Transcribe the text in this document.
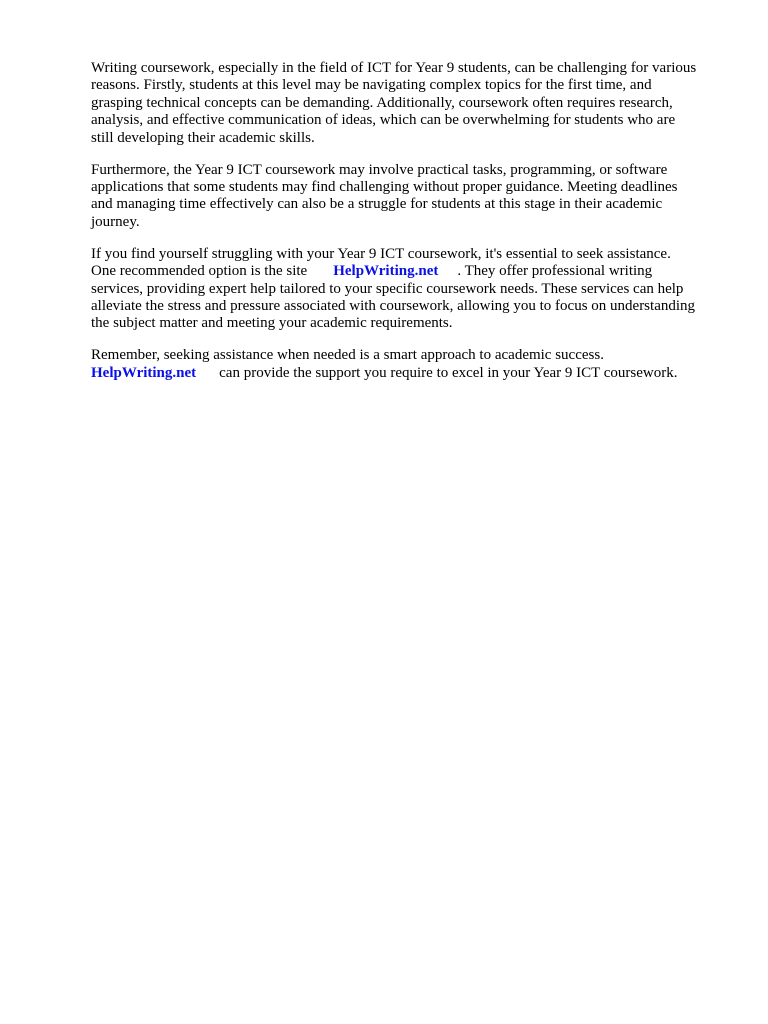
Writing coursework, especially in the field of ICT for Year 9 students, can be challenging for various
reasons. Firstly, students at this level may be navigating complex topics for the first time, and
grasping technical concepts can be demanding. Additionally, coursework often requires research,
analysis, and effective communication of ideas, which can be overwhelming for students who are
still developing their academic skills.
Furthermore, the Year 9 ICT coursework may involve practical tasks, programming, or software
applications that some students may find challenging without proper guidance. Meeting deadlines
and managing time effectively can also be a struggle for students at this stage in their academic
journey.
If you find yourself struggling with your Year 9 ICT coursework, it's essential to seek assistance.
One recommended option is the site HelpWriting.net . They offer professional writing
services, providing expert help tailored to your specific coursework needs. These services can help
alleviate the stress and pressure associated with coursework, allowing you to focus on understanding
the subject matter and meeting your academic requirements.
Remember, seeking assistance when needed is a smart approach to academic success.
HelpWriting.net can provide the support you require to excel in your Year 9 ICT coursework.
